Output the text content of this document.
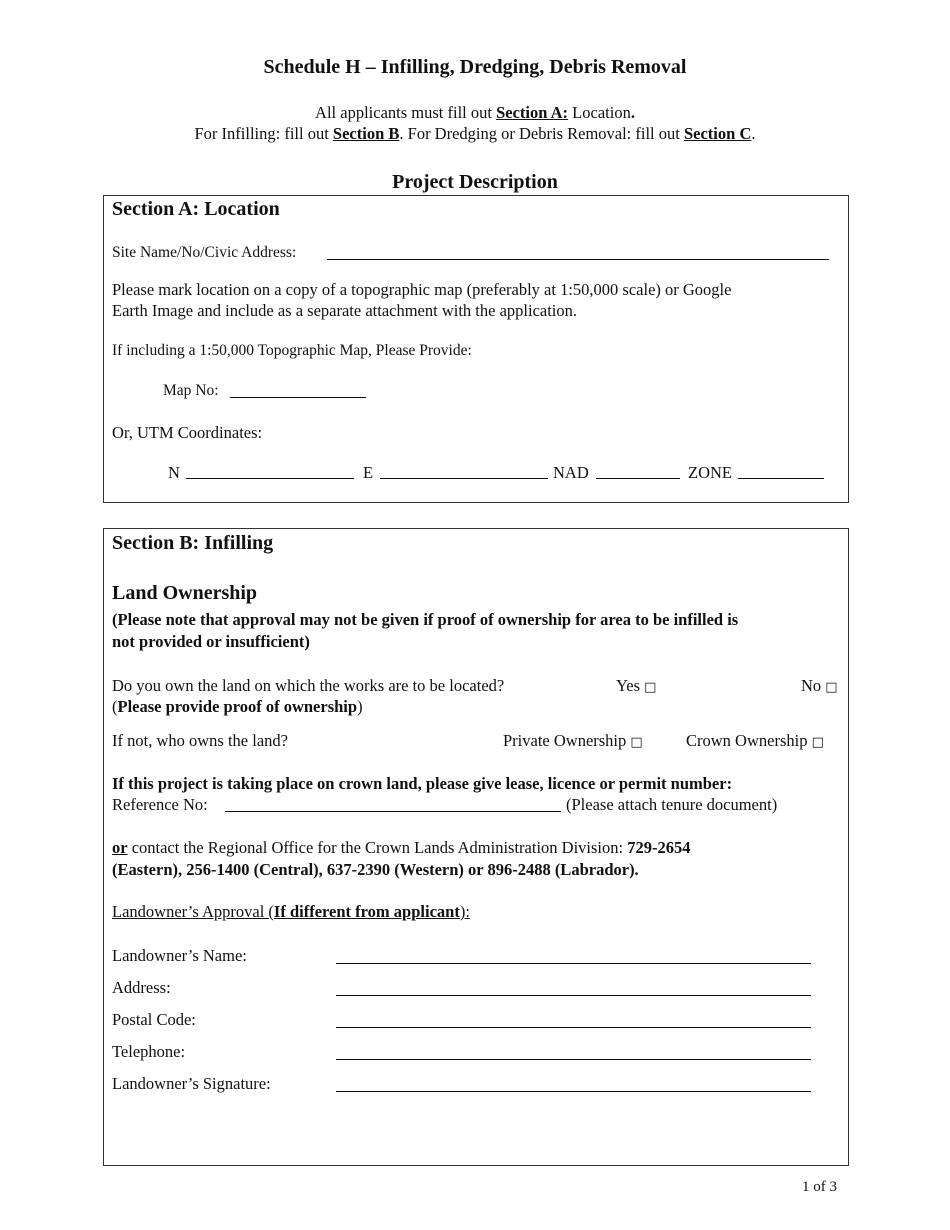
Schedule H – Infilling, Dredging, Debris Removal
All applicants must fill out Section A: Location.
For Infilling: fill out Section B. For Dredging or Debris Removal: fill out Section C.
Project Description
Section A: Location
Site Name/No/Civic Address:
Please mark location on a copy of a topographic map (preferably at 1:50,000 scale) or Google
Earth Image and include as a separate attachment with the application.
If including a 1:50,000 Topographic Map, Please Provide:
Map No:
Or, UTM Coordinates:
N	E	NAD	ZONE
Section B: Infilling
Land Ownership
(Please note that approval may not be given if proof of ownership for area to be infilled is
not provided or insufficient)
Do you own the land on which the works are to be located?	Yes □	No □
(Please provide proof of ownership)
If not, who owns the land?	Private Ownership □	Crown Ownership □
If this project is taking place on crown land, please give lease, licence or permit number:
Reference No:	(Please attach tenure document)
or contact the Regional Office for the Crown Lands Administration Division: 729-2654
(Eastern), 256-1400 (Central), 637-2390 (Western) or 896-2488 (Labrador).
Landowner’s Approval (If different from applicant):
Landowner’s Name:
Address:
Postal Code:
Telephone:
Landowner’s Signature:
1 of 3
